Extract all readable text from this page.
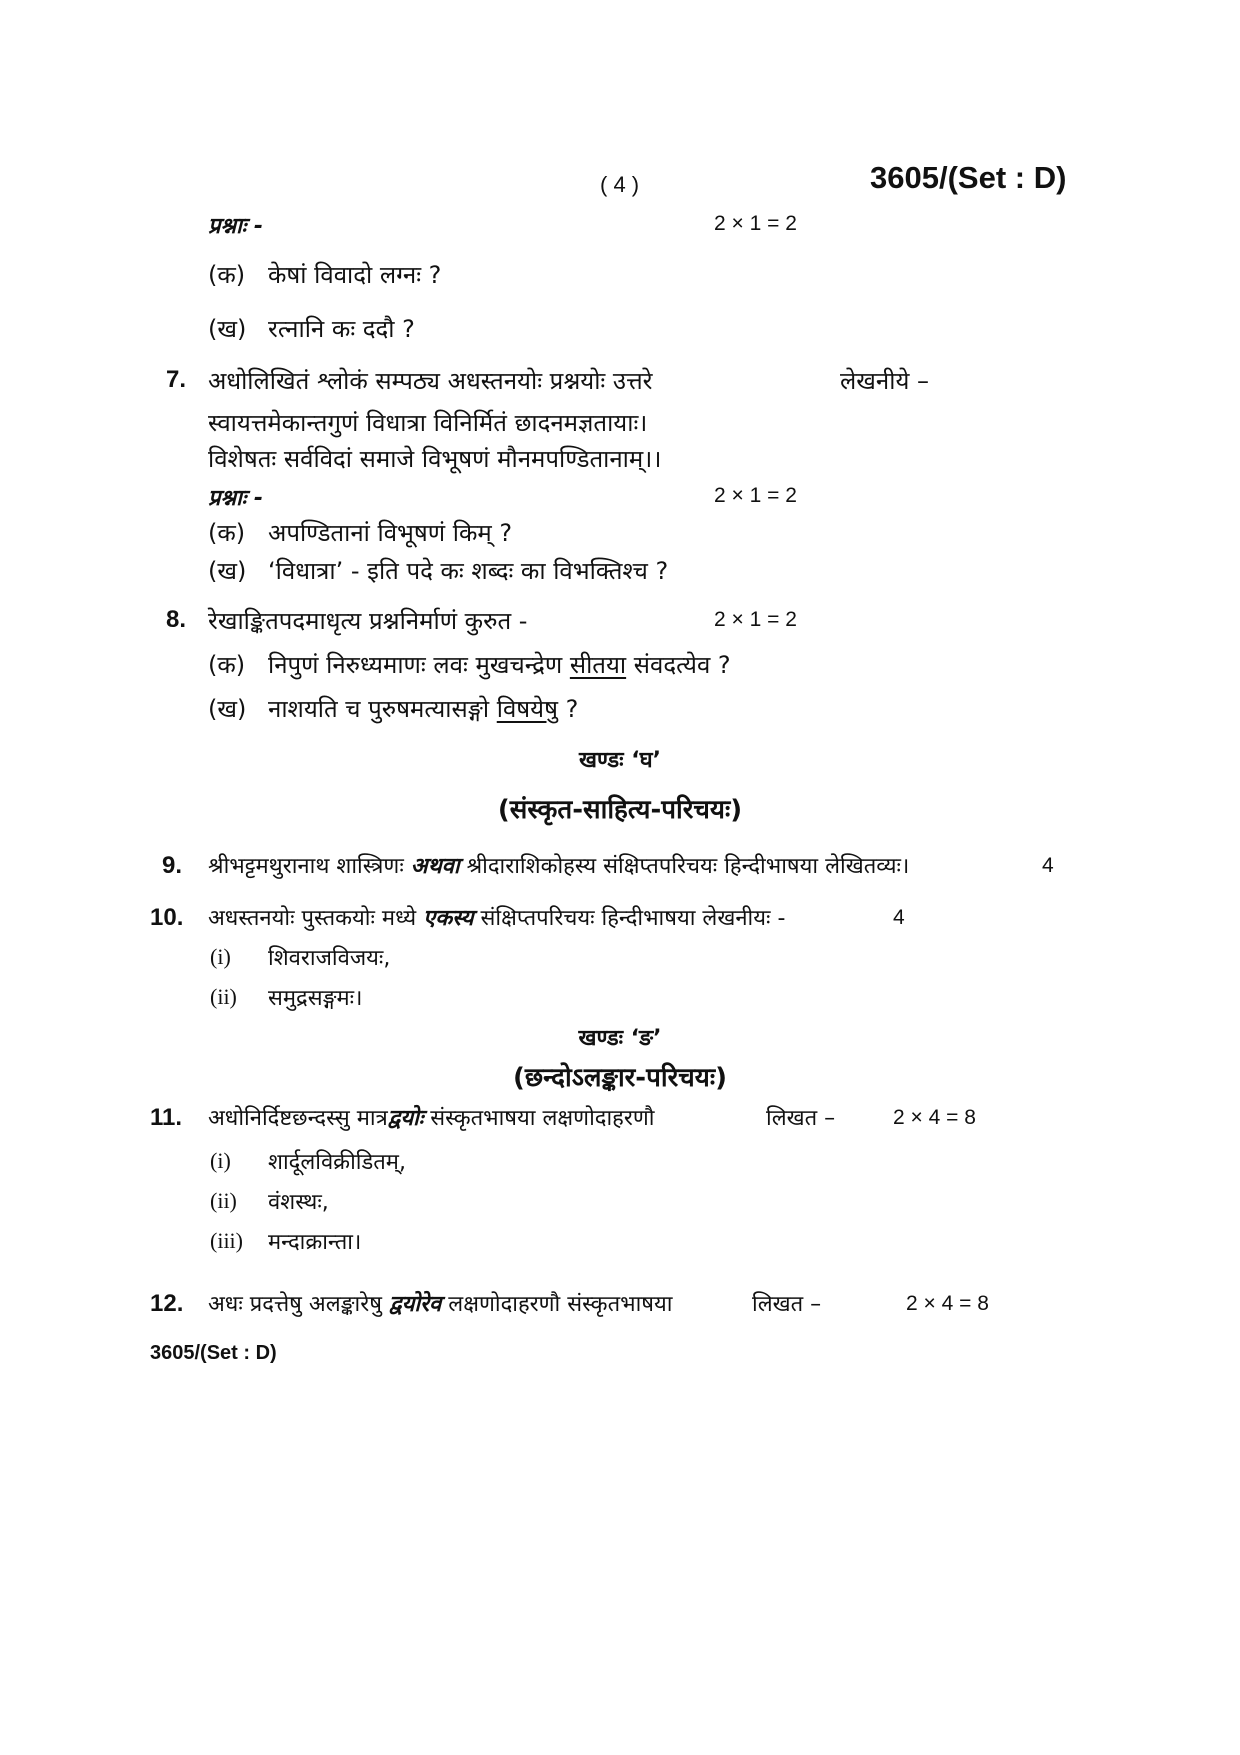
( 4 )	3605/(Set : D)
प्रश्नाः -	2 × 1 = 2
(क) केषां विवादो लग्नः ?
(ख) रत्नानि कः ददौ ?
7. अधोलिखितं श्लोकं सम्पठ्य अधस्तनयोः प्रश्नयोः उत्तरे	लेखनीये –
स्वायत्तमेकान्तगुणं विधात्रा विनिर्मितं छादनमज्ञतायाः।
विशेषतः सर्वविदां समाजे विभूषणं मौनमपण्डितानाम्।।
प्रश्नाः -	2 × 1 = 2
(क) अपण्डितानां विभूषणं किम् ?
(ख) ‘विधात्रा’ - इति पदे कः शब्दः का विभक्तिश्च ?
8. रेखाङ्कितपदमाधृत्य प्रश्ननिर्माणं कुरुत -	2 × 1 = 2
(क) निपुणं निरुध्यमाणः लवः मुखचन्द्रेण सीतया संवदत्येव ?
(ख) नाशयति च पुरुषमत्यासङ्गो विषयेषु ?
खण्डः ‘घ’
(संस्कृत-साहित्य-परिचयः)
9. श्रीभट्टमथुरानाथ शास्त्रिणः अथवा श्रीदाराशिकोहस्य संक्षिप्तपरिचयः हिन्दीभाषया लेखितव्यः।	4
10. अधस्तनयोः पुस्तकयोः मध्ये एकस्य संक्षिप्तपरिचयः हिन्दीभाषया लेखनीयः -	4
(i) शिवराजविजयः,
(ii) समुद्रसङ्गमः।
खण्डः ‘ङ’
(छन्दोऽलङ्कार-परिचयः)
11. अधोनिर्दिष्टछन्दस्सु मात्रद्वयोः संस्कृतभाषया लक्षणोदाहरणौ	लिखत –	2 × 4 = 8
(i) शार्दूलविक्रीडितम्,
(ii) वंशस्थः,
(iii) मन्दाक्रान्ता।
12. अधः प्रदत्तेषु अलङ्कारेषु द्वयोरेव लक्षणोदाहरणौ संस्कृतभाषया	लिखत –	2 × 4 = 8
3605/(Set : D)
